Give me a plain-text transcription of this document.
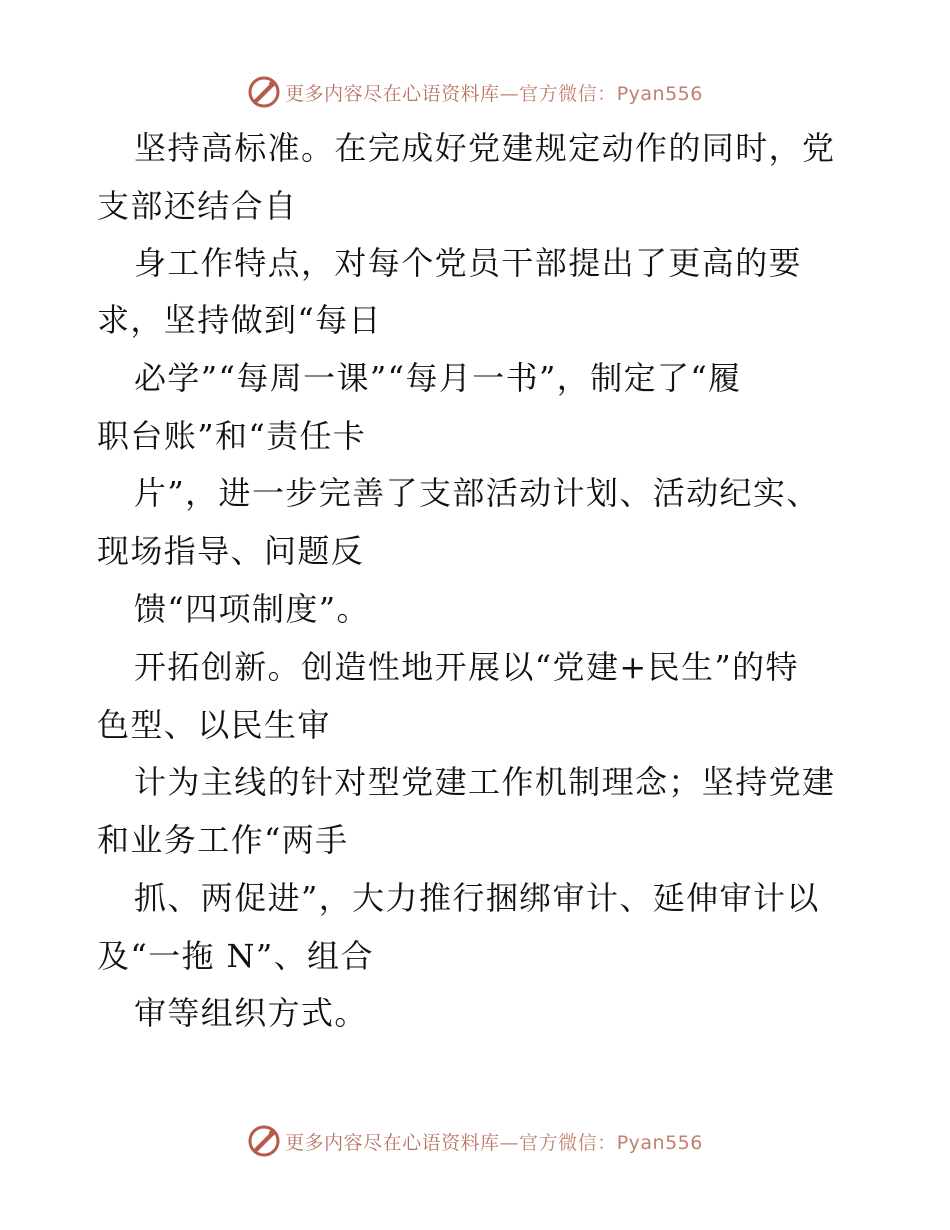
更多内容尽在心语资料库—官方微信：Pyan556
坚持高标准。在完成好党建规定动作的同时，党
支部还结合自
身工作特点，对每个党员干部提出了更高的要
求，坚持做到“每日
必学”“每周一课”“每月一书”，制定了“履
职台账”和“责任卡
片”，进一步完善了支部活动计划、活动纪实、
现场指导、问题反
馈“四项制度”。
开拓创新。创造性地开展以“党建+民生”的特
色型、以民生审
计为主线的针对型党建工作机制理念；坚持党建
和业务工作“两手
抓、两促进”，大力推行捆绑审计、延伸审计以
及“一拖 N”、组合
审等组织方式。
更多内容尽在心语资料库—官方微信：Pyan556
